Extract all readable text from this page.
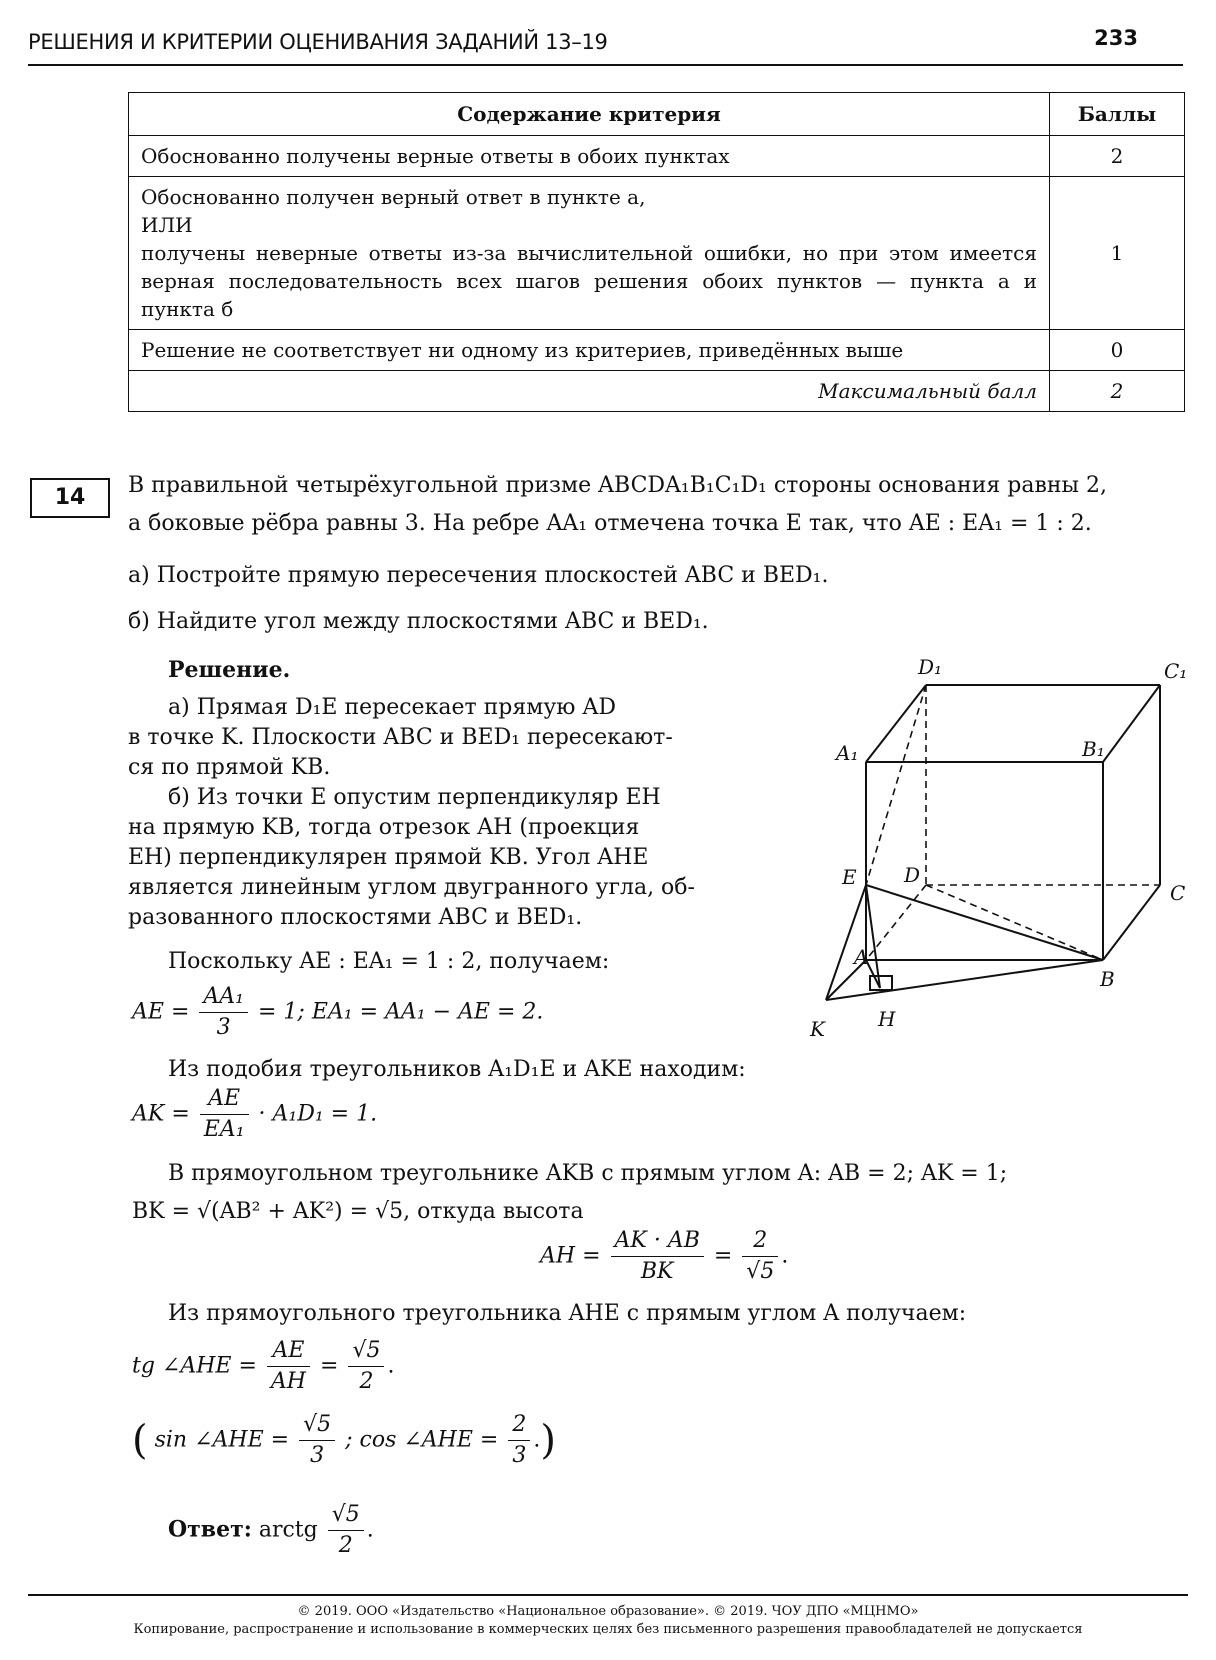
РЕШЕНИЯ И КРИТЕРИИ ОЦЕНИВАНИЯ ЗАДАНИЙ 13–19	233
Содержание критерия	Баллы
Обоснованно получены верные ответы в обоих пунктах	2

Обоснованно получен верный ответ в пункте а,
ИЛИ
получены неверные ответы из-за вычислительной ошибки, но при этом имеется верная последовательность всех шагов решения обоих пунктов — пункта а и пункта б	1
Решение не соответствует ни одному из критериев, приведённых выше	0
Максимальный балл	2
14	В правильной четырёхугольной призме ABCDA₁B₁C₁D₁ стороны основания равны 2,
а боковые рёбра равны 3. На ребре AA₁ отмечена точка E так, что AE : EA₁ = 1 : 2.
а) Постройте прямую пересечения плоскостей ABC и BED₁.
б) Найдите угол между плоскостями ABC и BED₁.
Решение.
а) Прямая D₁E пересекает прямую AD
в точке K. Плоскости ABC и BED₁ пересекают-
ся по прямой KB.
б) Из точки E опустим перпендикуляр EH
на прямую KB, тогда отрезок AH (проекция
EH) перпендикулярен прямой KB. Угол AHE
является линейным углом двугранного угла, об-
разованного плоскостями ABC и BED₁.
Поскольку AE : EA₁ = 1 : 2, получаем:
AE = $\frac{\text{AA₁}}{3} = 1$; EA₁ = AA₁ − AE = 2.
Из подобия треугольников A₁D₁E и AKE находим:
AK = $\frac{AE}{\text{EA₁}} \cdot A_1D_1 = 1$.
В прямоугольном треугольнике AKB с прямым углом A: AB = 2; AK = 1;
BK = √(AB² + AK²) = √5, откуда высота
AH = $\frac{AK \cdot AB}{BK} = \frac{2}{√5}$ .
Из прямоугольного треугольника AHE с прямым углом A получаем:
tg ∠AHE = $\frac{AE}{AH} = \frac{√5}{2}$ .
( sin ∠AHE = $\frac{√5}{3}$ ; cos ∠AHE = $\frac{2}{3}$ .)
Ответ: arctg $\frac{√5}{2}$ .
D₁	C₁
A₁	B₁
E D
C
A
B
K	H
© 2019. ООО «Издательство «Национальное образование». © 2019. ЧОУ ДПО «МЦНМО»
Копирование, распространение и использование в коммерческих целях без письменного разрешения правообладателей не допускается
